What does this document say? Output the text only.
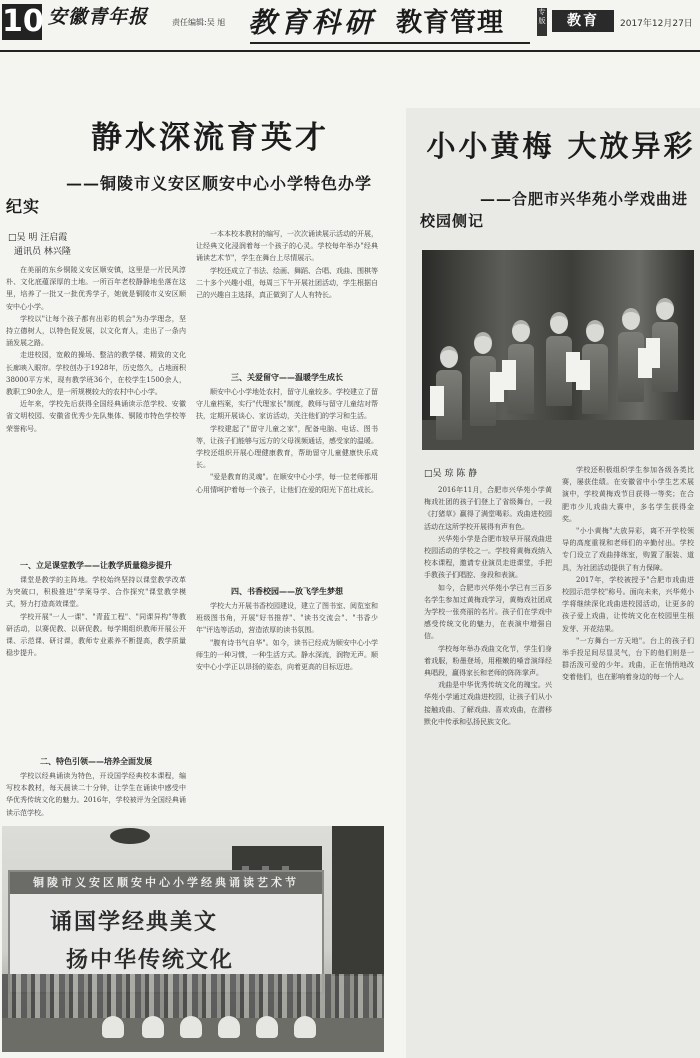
10 安徽青年报	责任编辑:吴 旭 教育科研 教育管理	专版	教育	2017年12月27日
静水深流育英才
——铜陵市义安区顺安中心小学特色办学纪实
□吴 明 汪启霞
通讯员 林兴隆

在美丽的东乡铜陵义安区顺安镇，这里是一片民风淳朴、文化底蕴深厚的土地。一所百年老校静静地坐落在这里，培养了一批又一批优秀学子，她就是铜陵市义安区顺安中心小学。

学校以"让每个孩子都有出彩的机会"为办学理念，坚持立德树人，以特色促发展，以文化育人，走出了一条内涵发展之路。

走进校园，宽敞的操场、整洁的教学楼、精致的文化长廊映入眼帘。学校创办于1928年，历史悠久，占地面积38000平方米，现有教学班36个，在校学生1500余人，教职工90余人，是一所规模较大的农村中心小学。

近年来，学校先后获得全国经典诵读示范学校、安徽省文明校园、安徽省优秀少先队集体、铜陵市特色学校等荣誉称号。

一、立足课堂教学——让教学质量稳步提升

课堂是教学的主阵地。学校始终坚持以课堂教学改革为突破口，积极推进"学案导学、合作探究"课堂教学模式，努力打造高效课堂。

学校开展"一人一课"、"青蓝工程"、"同课异构"等教研活动，以赛促教、以研促教。每学期组织教师开展公开课、示范课、研讨课，教师专业素养不断提高，教学质量稳步提升。

二、特色引领——培养全面发展

学校以经典诵读为特色，开设国学经典校本课程，编写校本教材，每天晨读二十分钟，让学生在诵读中感受中华优秀传统文化的魅力。2016年，学校被评为全国经典诵读示范学校。

一本本校本教材的编写，一次次诵读展示活动的开展，让经典文化浸润着每一个孩子的心灵。学校每年举办"经典诵读艺术节"，学生在舞台上尽情展示。

学校还成立了书法、绘画、舞蹈、合唱、戏曲、围棋等二十多个兴趣小组，每周三下午开展社团活动，学生根据自己的兴趣自主选择，真正做到了人人有特长。

三、关爱留守——温暖学生成长

顺安中心小学地处农村，留守儿童较多。学校建立了留守儿童档案，实行"代理家长"制度，教师与留守儿童结对帮扶，定期开展谈心、家访活动，关注他们的学习和生活。

学校建起了"留守儿童之家"，配备电脑、电话、图书等，让孩子们能够与远方的父母视频通话，感受家的温暖。学校还组织开展心理健康教育，帮助留守儿童健康快乐成长。

"爱是教育的灵魂"。在顺安中心小学，每一位老师都用心用情呵护着每一个孩子，让他们在爱的阳光下茁壮成长。

四、书香校园——放飞学生梦想

学校大力开展书香校园建设，建立了图书室、阅览室和班级图书角，开展"好书推荐"、"读书交流会"、"书香少年"评选等活动，营造浓厚的读书氛围。

"腹有诗书气自华"。如今，读书已经成为顺安中心小学师生的一种习惯，一种生活方式。静水深流，润物无声。顺安中心小学正以昂扬的姿态，向着更高的目标迈进。

铜陵市义安区顺安中心小学经典诵读艺术节
诵国学经典美文
扬中华传统文化
小小黄梅 大放异彩
——合肥市兴华苑小学戏曲进校园侧记
□吴 琼 陈 静

2016年11月，合肥市兴华苑小学黄梅戏社团的孩子们登上了省级舞台，一段《打猪草》赢得了满堂喝彩。戏曲进校园活动在这所学校开展得有声有色。

兴华苑小学是合肥市较早开展戏曲进校园活动的学校之一。学校将黄梅戏纳入校本课程，邀请专业演员走进课堂，手把手教孩子们唱腔、身段和表演。

如今，合肥市兴华苑小学已有三百多名学生参加过黄梅戏学习，黄梅戏社团成为学校一张亮丽的名片。孩子们在学戏中感受传统文化的魅力，在表演中增强自信。

学校每年举办戏曲文化节，学生们身着戏服，粉墨登场，用稚嫩的嗓音演绎经典唱段，赢得家长和老师的阵阵掌声。

戏曲是中华优秀传统文化的瑰宝。兴华苑小学通过戏曲进校园，让孩子们从小接触戏曲、了解戏曲、喜欢戏曲，在潜移默化中传承和弘扬民族文化。

学校还积极组织学生参加各级各类比赛，屡获佳绩。在安徽省中小学生艺术展演中，学校黄梅戏节目获得一等奖；在合肥市少儿戏曲大赛中，多名学生获得金奖。

"小小黄梅"大放异彩，离不开学校领导的高度重视和老师们的辛勤付出。学校专门设立了戏曲排练室，购置了服装、道具，为社团活动提供了有力保障。

2017年，学校被授予"合肥市戏曲进校园示范学校"称号。面向未来，兴华苑小学将继续深化戏曲进校园活动，让更多的孩子爱上戏曲，让传统文化在校园里生根发芽、开花结果。

"一方舞台一方天地"。台上的孩子们举手投足间尽显灵气，台下的他们则是一群活泼可爱的少年。戏曲，正在悄悄地改变着他们，也在影响着身边的每一个人。
